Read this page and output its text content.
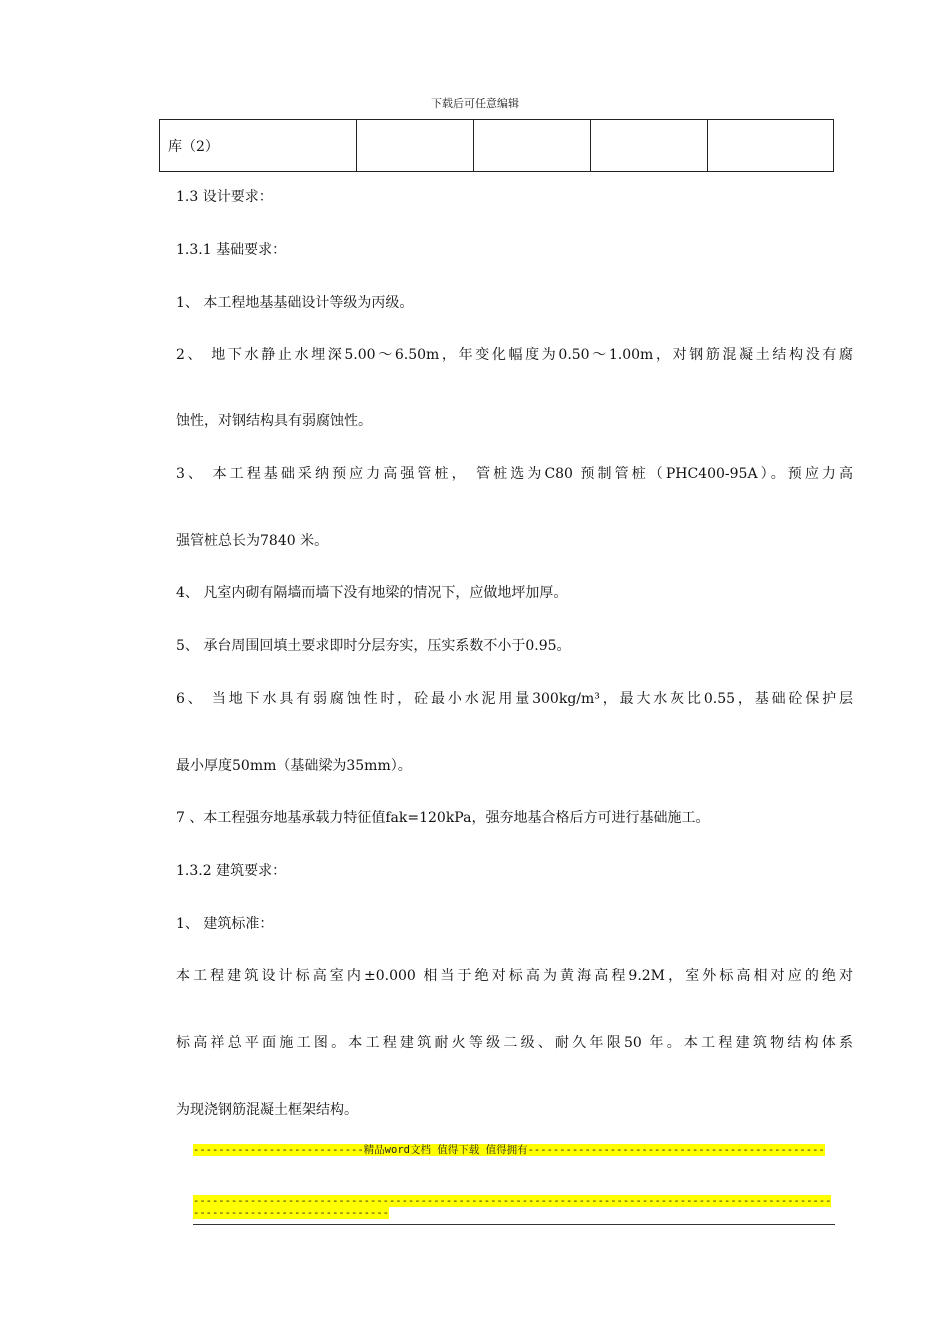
下载后可任意编辑
库（2）				
1.3 设计要求：
1.3.1 基础要求：
1、 本工程地基基础设计等级为丙级。
2、 地下水静止水埋深5.00～6.50m，年变化幅度为0.50～1.00m，对钢筋混凝土结构没有腐
蚀性，对钢结构具有弱腐蚀性。
3、 本工程基础采纳预应力高强管桩， 管桩选为C80 预制管桩（PHC400-95A）。预应力高
强管桩总长为7840 米。
4、 凡室内砌有隔墙而墙下没有地梁的情况下，应做地坪加厚。
5、 承台周围回填土要求即时分层夯实，压实系数不小于0.95。
6、 当地下水具有弱腐蚀性时，砼最小水泥用量300kg/m³，最大水灰比0.55，基础砼保护层
最小厚度50mm（基础梁为35mm）。
7 、本工程强夯地基承载力特征值fak=120kPa，强夯地基合格后方可进行基础施工。
1.3.2 建筑要求：
1、 建筑标准：
本工程建筑设计标高室内±0.000 相当于绝对标高为黄海高程9.2M，室外标高相对应的绝对
标高祥总平面施工图。本工程建筑耐火等级二级、耐久年限50 年。本工程建筑物结构体系
为现浇钢筋混凝土框架结构。
---------------------------精品word文档 值得下载 值得拥有-----------------------------------------------
------------------------------------------------------------------------------------------------------------------------------------
